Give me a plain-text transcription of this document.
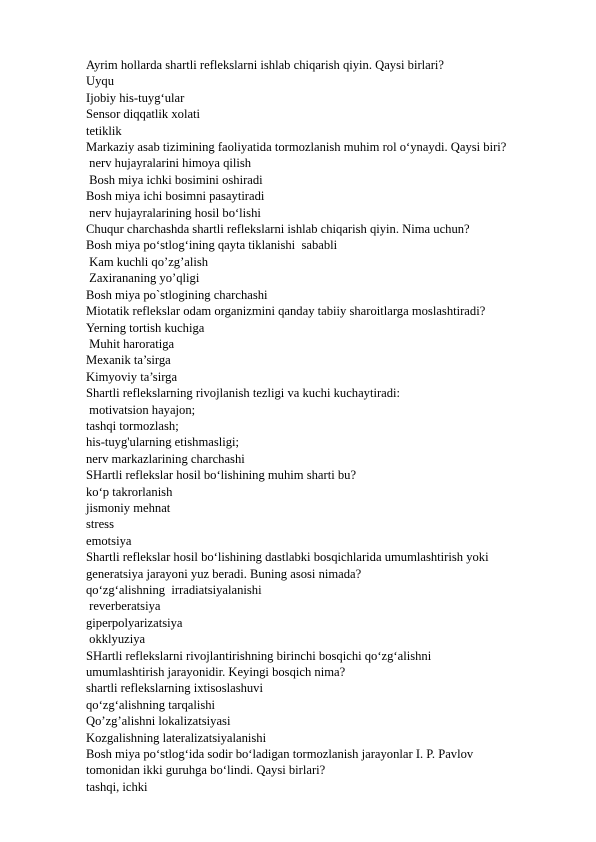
Ayrim hollarda shartli reflekslarni ishlab chiqarish qiyin. Qaysi birlari?

Uyqu

Ijobiy his-tuyg‘ular

Sensor diqqatlik xolati

tetiklik

Markaziy asab tizimining faoliyatida tormozlanish muhim rol o‘ynaydi. Qaysi biri?

nerv hujayralarini himoya qilish

Bosh miya ichki bosimini oshiradi

Bosh miya ichi bosimni pasaytiradi

nerv hujayralarining hosil bo‘lishi

Chuqur charchashda shartli reflekslarni ishlab chiqarish qiyin. Nima uchun?

Bosh miya po‘stlog‘ining qayta tiklanishi  sababli

Kam kuchli qo’zg’alish

Zaxirananing yo’qligi

Bosh miya po`stlogining charchashi

Miotatik reflekslar odam organizmini qanday tabiiy sharoitlarga moslashtiradi?

Yerning tortish kuchiga

Muhit haroratiga

Mexanik ta’sirga

Kimyoviy ta’sirga

Shartli reflekslarning rivojlanish tezligi va kuchi kuchaytiradi:

motivatsion hayajon;

tashqi tormozlash;

his-tuyg'ularning etishmasligi;

nerv markazlarining charchashi

SHartli reflekslar hosil bo‘lishining muhim sharti bu?

ko‘p takrorlanish

jismoniy mehnat

stress

emotsiya

Shartli reflekslar hosil bo‘lishining dastlabki bosqichlarida umumlashtirish yoki

generatsiya jarayoni yuz beradi. Buning asosi nimada?

qo‘zg‘alishning  irradiatsiyalanishi

reverberatsiya

giperpolyarizatsiya

okklyuziya

SHartli reflekslarni rivojlantirishning birinchi bosqichi qo‘zg‘alishni

umumlashtirish jarayonidir. Keyingi bosqich nima?

shartli reflekslarning ixtisoslashuvi

qo‘zg‘alishning tarqalishi

Qo’zg’alishni lokalizatsiyasi

Kozgalishning lateralizatsiyalanishi

Bosh miya po‘stlog‘ida sodir bo‘ladigan tormozlanish jarayonlar I. P. Pavlov

tomonidan ikki guruhga bo‘lindi. Qaysi birlari?

tashqi, ichki
